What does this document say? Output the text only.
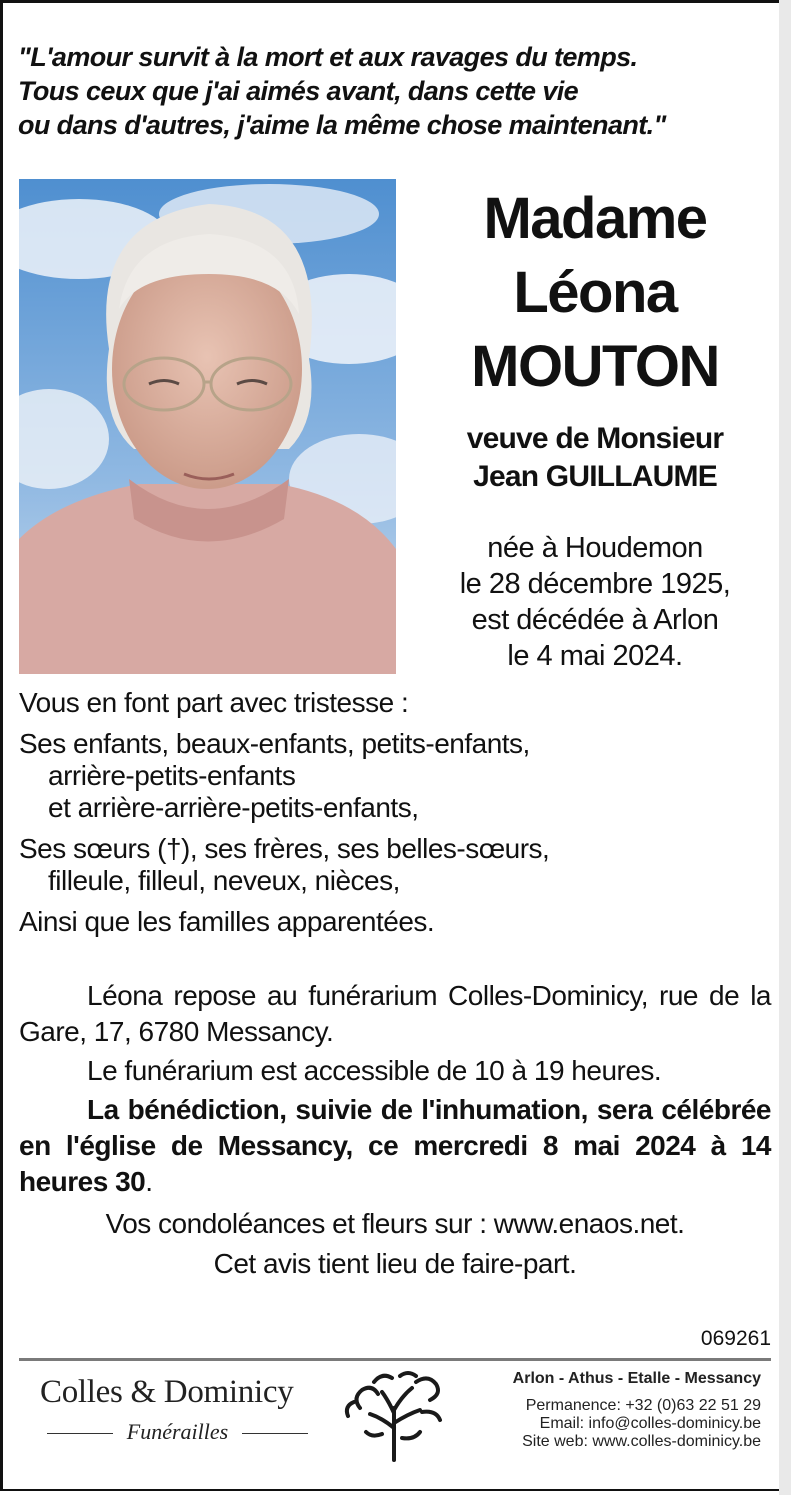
"L'amour survit à la mort et aux ravages du temps.
Tous ceux que j'ai aimés avant, dans cette vie
ou dans d'autres, j'aime la même chose maintenant."
Madame
Léona
MOUTON
veuve de Monsieur
Jean GUILLAUME
née à Houdemon
le 28 décembre 1925,
est décédée à Arlon
le 4 mai 2024.
Vous en font part avec tristesse :
Ses enfants, beaux-enfants, petits-enfants,
arrière-petits-enfants
et arrière-arrière-petits-enfants,
Ses sœurs (†), ses frères, ses belles-sœurs,
filleule, filleul, neveux, nièces,
Ainsi que les familles apparentées.
Léona repose au funérarium Colles-Dominicy, rue de la Gare, 17, 6780 Messancy.
Le funérarium est accessible de 10 à 19 heures.
La bénédiction, suivie de l'inhumation, sera célébrée en l'église de Messancy, ce mercredi 8 mai 2024 à 14 heures 30.
Vos condoléances et fleurs sur : www.enaos.net.
Cet avis tient lieu de faire-part.
069261
Colles & Dominicy
Funérailles
Arlon - Athus - Etalle - Messancy
Permanence: +32 (0)63 22 51 29
Email: info@colles-dominicy.be
Site web: www.colles-dominicy.be
